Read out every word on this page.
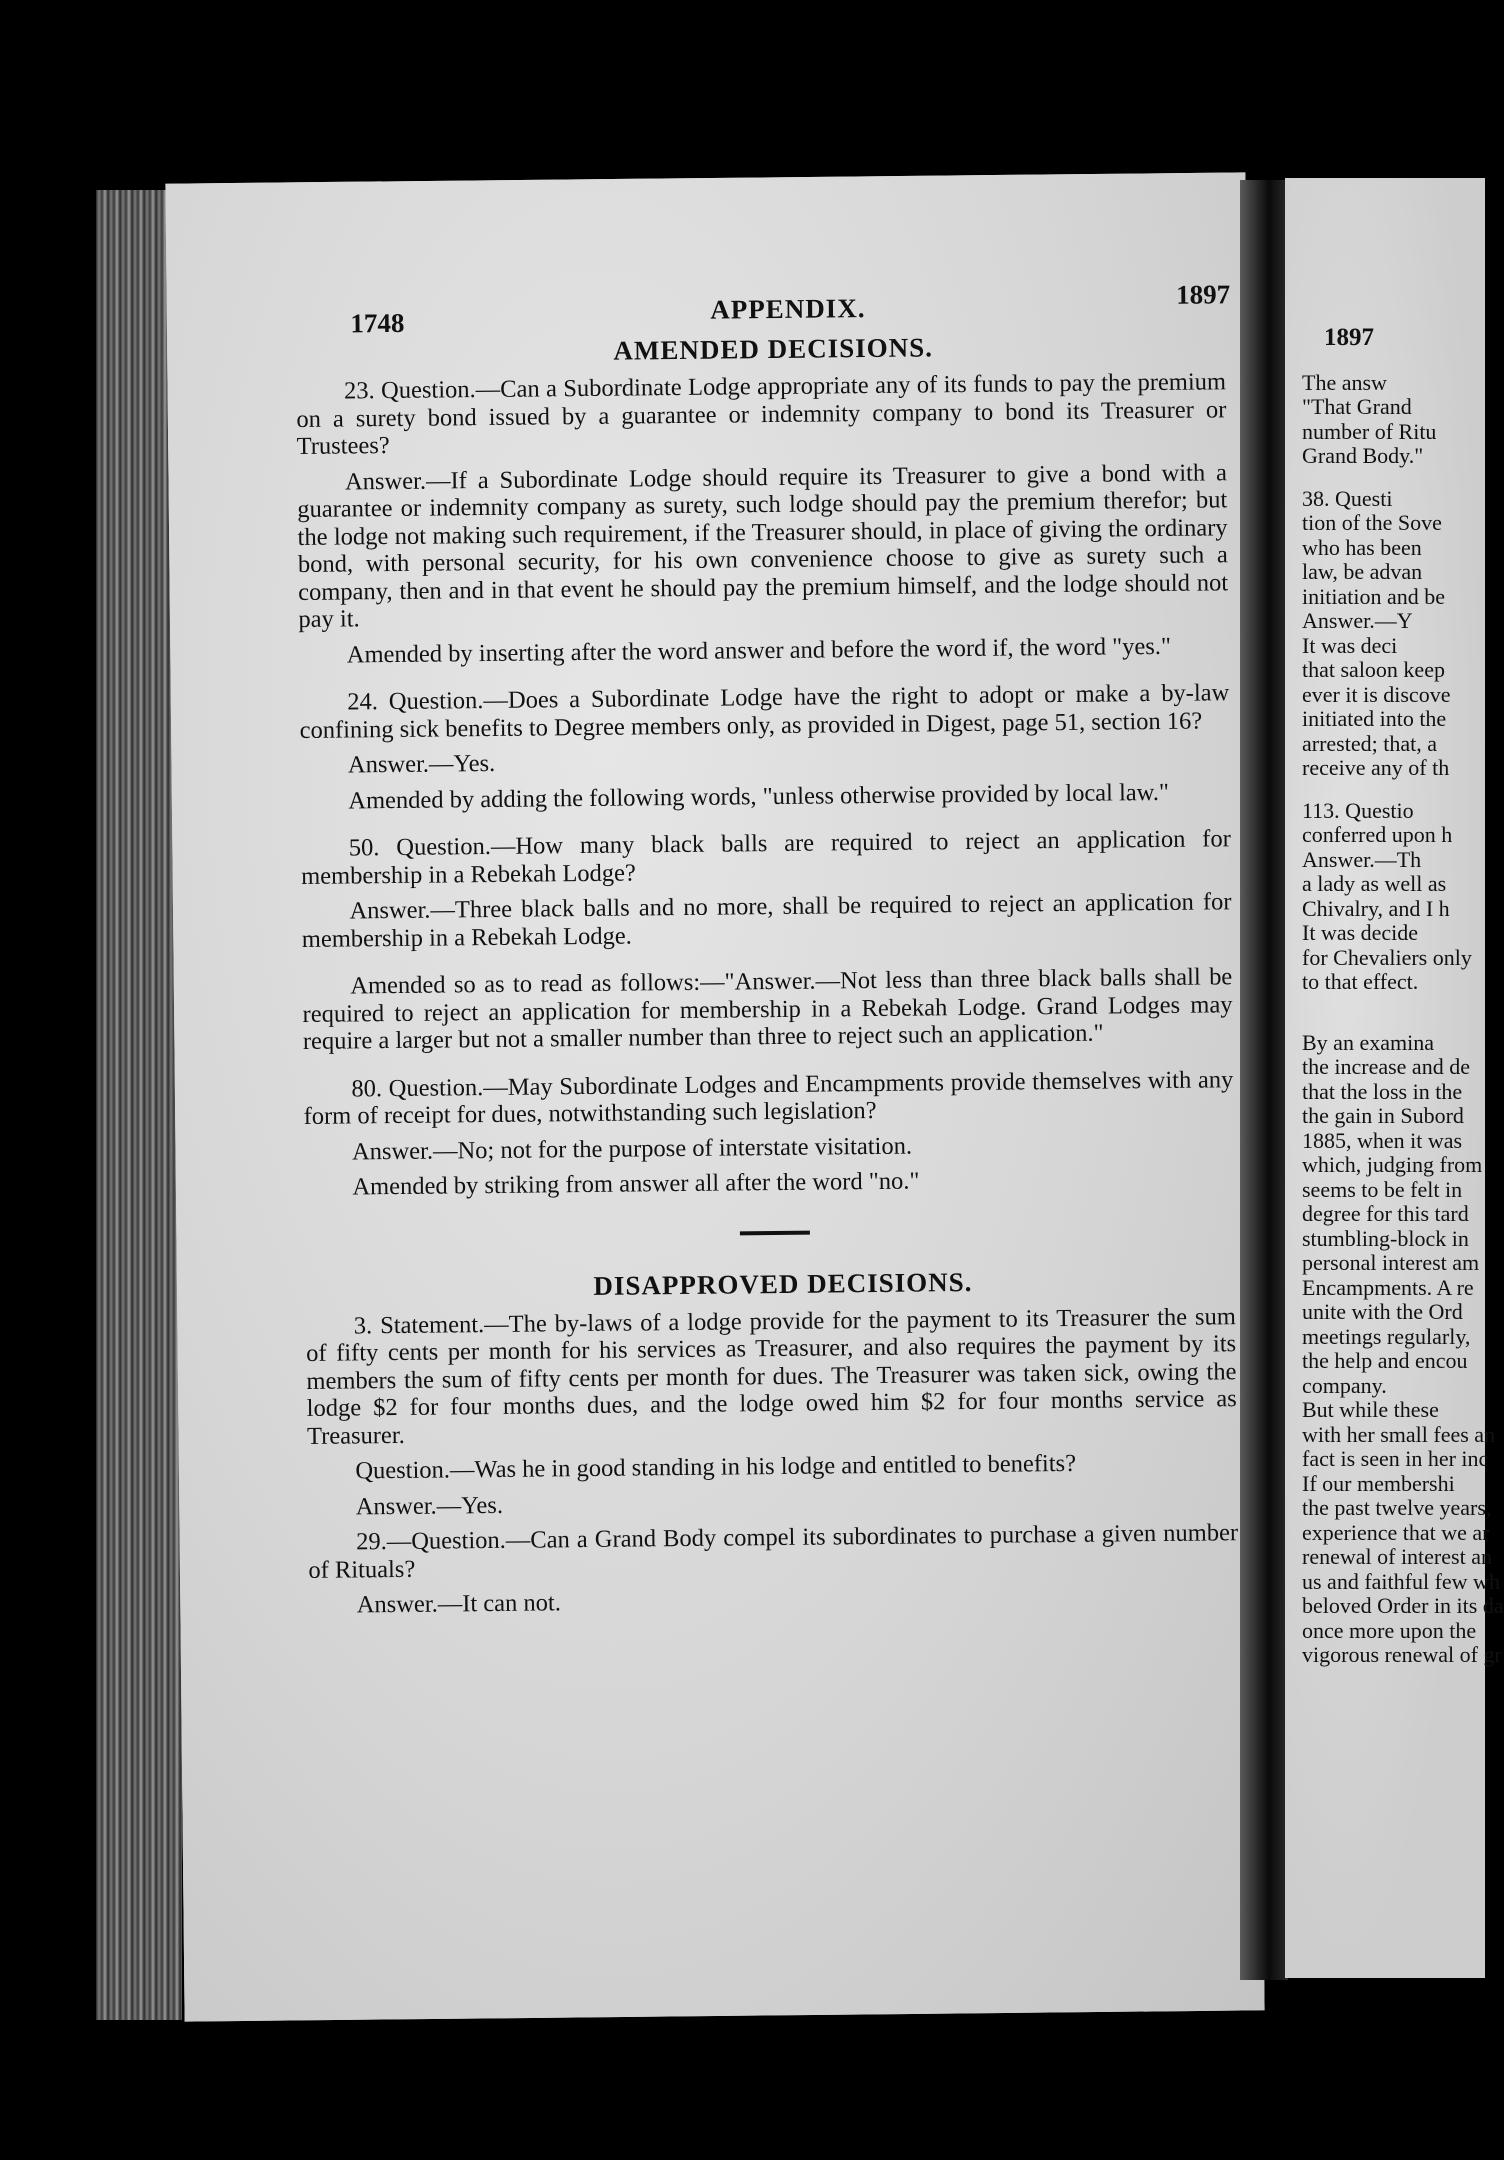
1748	APPENDIX.	1897
AMENDED DECISIONS.

23. Question.—Can a Subordinate Lodge appropriate any of its funds to pay the premium on a surety bond issued by a guarantee or indemnity company to bond its Treasurer or Trustees?

Answer.—If a Subordinate Lodge should require its Treasurer to give a bond with a guarantee or indemnity company as surety, such lodge should pay the premium therefor; but the lodge not making such requirement, if the Treasurer should, in place of giving the ordinary bond, with personal security, for his own convenience choose to give as surety such a company, then and in that event he should pay the premium himself, and the lodge should not pay it.

Amended by inserting after the word answer and before the word if, the word "yes."

24. Question.—Does a Subordinate Lodge have the right to adopt or make a by-law confining sick benefits to Degree members only, as provided in Digest, page 51, section 16?

Answer.—Yes.

Amended by adding the following words, "unless otherwise provided by local law."

50. Question.—How many black balls are required to reject an application for membership in a Rebekah Lodge?

Answer.—Three black balls and no more, shall be required to reject an application for membership in a Rebekah Lodge.

Amended so as to read as follows:—"Answer.—Not less than three black balls shall be required to reject an application for membership in a Rebekah Lodge. Grand Lodges may require a larger but not a smaller number than three to reject such an application."

80. Question.—May Subordinate Lodges and Encampments provide themselves with any form of receipt for dues, notwithstanding such legislation?

Answer.—No; not for the purpose of interstate visitation.

Amended by striking from answer all after the word "no."

DISAPPROVED DECISIONS.

3. Statement.—The by-laws of a lodge provide for the payment to its Treasurer the sum of fifty cents per month for his services as Treasurer, and also requires the payment by its members the sum of fifty cents per month for dues. The Treasurer was taken sick, owing the lodge $2 for four months dues, and the lodge owed him $2 for four months service as Treasurer.

Question.—Was he in good standing in his lodge and entitled to benefits?

Answer.—Yes.

29.—Question.—Can a Grand Body compel its subordinates to purchase a given number of Rituals?

Answer.—It can not.

1897
The answ
"That Grand
number of Ritu
Grand Body."
38. Questi
tion of the Sove
who has been
law, be advan
initiation and be
Answer.—Y
It was deci
that saloon keep
ever it is discove
initiated into the
arrested; that, a
receive any of th
113. Questio
conferred upon h
Answer.—Th
a lady as well as
Chivalry, and I h
It was decide
for Chevaliers only
to that effect.
By an examina
the increase and de
that the loss in the
the gain in Subord
1885, when it was
which, judging from
seems to be felt in
degree for this tard
stumbling-block in
personal interest am
Encampments. A re
unite with the Ord
meetings regularly,
the help and encou
company.
But while these
with her small fees an
fact is seen in her inc
If our membershi
the past twelve years,
experience that we ar
renewal of interest an
us and faithful few wh
beloved Order in its da
once more upon the
vigorous renewal of gr
